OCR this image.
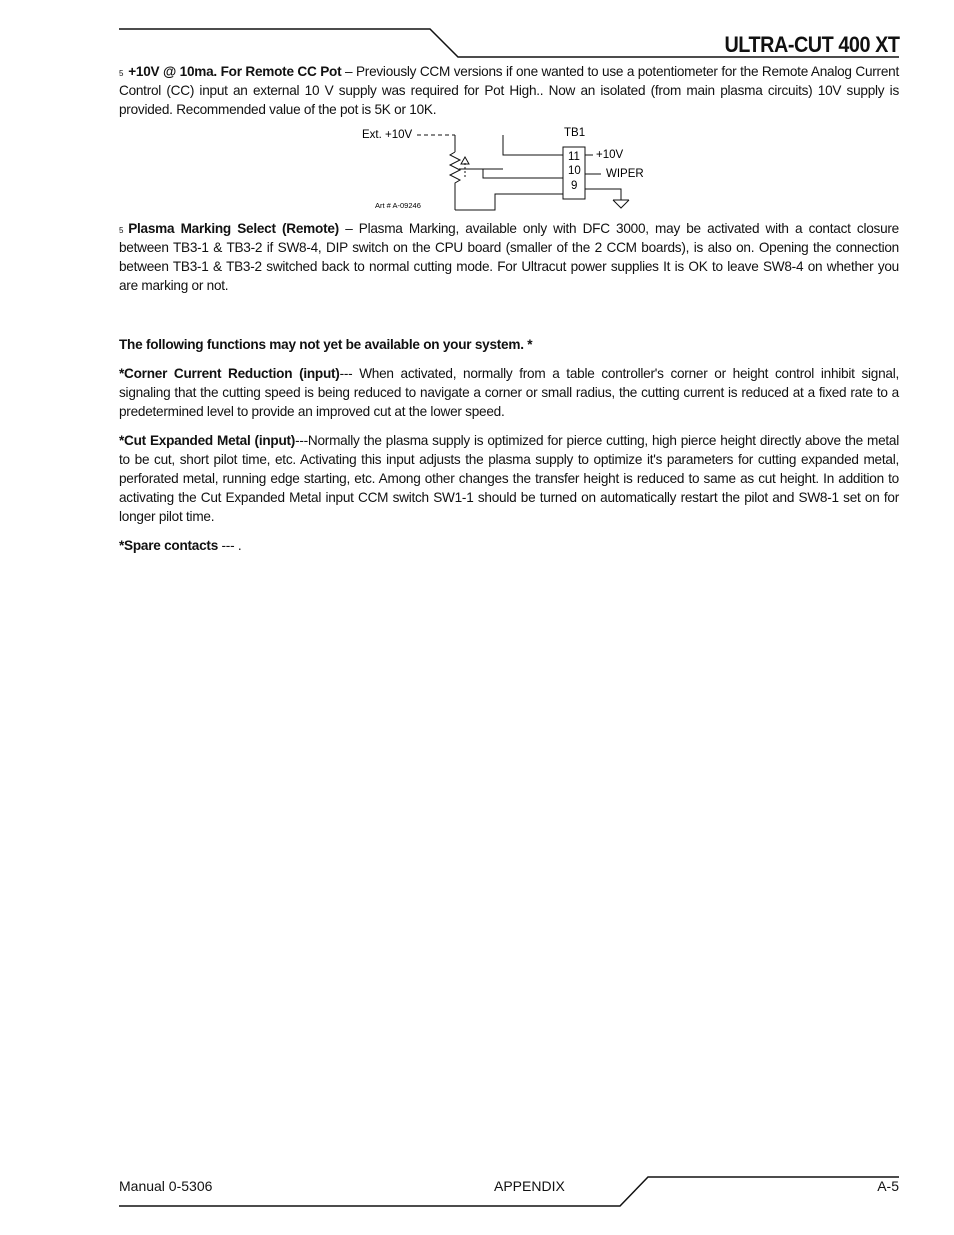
ULTRA-CUT 400 XT

$^5$ +10V @ 10ma. For Remote CC Pot – Previously CCM versions if one wanted to use a potentiometer for the Remote Analog Current Control (CC) input an external 10 V supply was required for Pot High.. Now an isolated (from main plasma circuits) 10V supply is provided. Recommended value of the pot is 5K or 10K.

Ext. +10V	TB1
11
10
9
+10V
WIPER
Art # A-09246

$^5$ Plasma Marking Select (Remote) – Plasma Marking, available only with DFC 3000, may be activated with a contact closure between TB3-1 & TB3-2 if SW8-4, DIP switch on the CPU board (smaller of the 2 CCM boards), is also on. Opening the connection between TB3-1 & TB3-2 switched back to normal cutting mode. For Ultracut power supplies It is OK to leave SW8-4 on whether you are marking or not.

The following functions may not yet be available on your system. *

*Corner Current Reduction (input)--- When activated, normally from a table controller's corner or height control inhibit signal, signaling that the cutting speed is being reduced to navigate a corner or small radius, the cutting current is reduced at a fixed rate to a predetermined level to provide an improved cut at the lower speed.

*Cut Expanded Metal (input)---Normally the plasma supply is optimized for pierce cutting, high pierce height directly above the metal to be cut, short pilot time, etc. Activating this input adjusts the plasma supply to optimize it's parameters for cutting expanded metal, perforated metal, running edge starting, etc. Among other changes the transfer height is reduced to same as cut height. In addition to activating the Cut Expanded Metal input CCM switch SW1-1 should be turned on automatically restart the pilot and SW8-1 set on for longer pilot time.

*Spare contacts --- .

Manual 0-5306	APPENDIX	A-5
